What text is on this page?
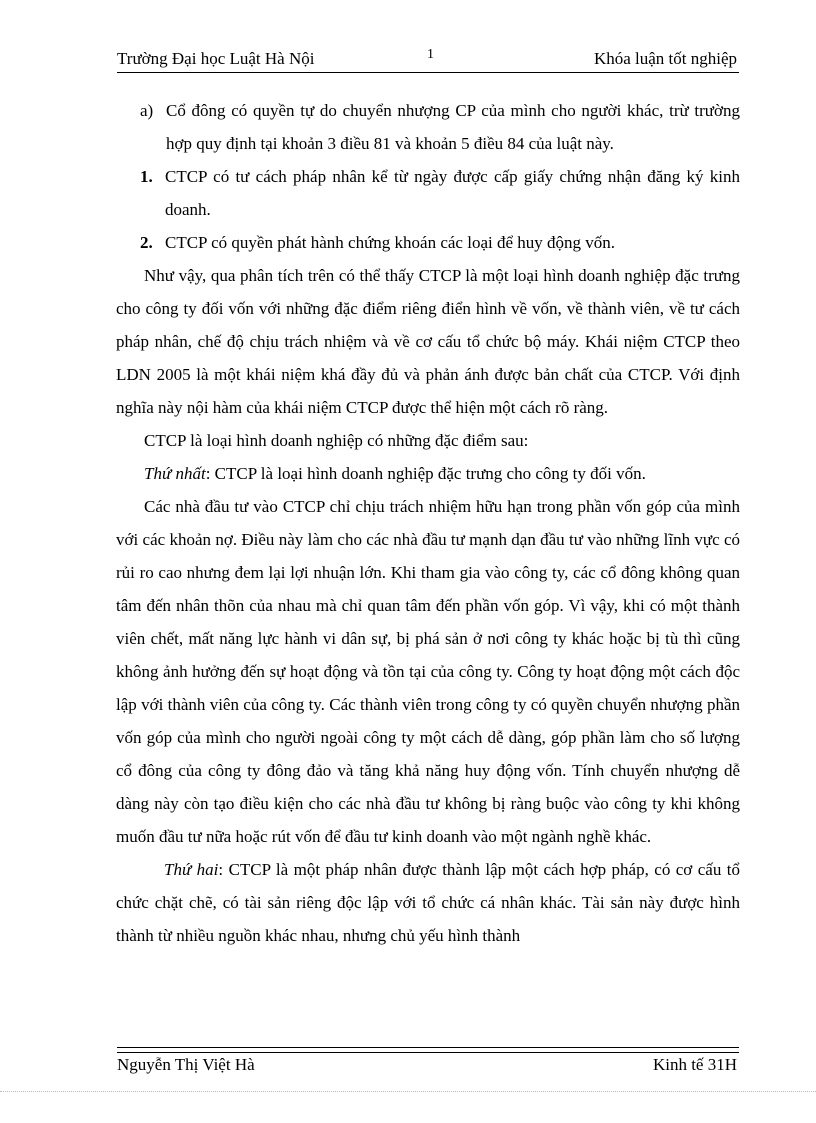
Trường Đại học Luật Hà Nội	1	Khóa luận tốt nghiệp
a) Cổ đông có quyền tự do chuyển nhượng CP của mình cho người khác, trừ trường hợp quy định tại khoản 3 điều 81 và khoản 5 điều 84 của luật này.
1. CTCP có tư cách pháp nhân kể từ ngày được cấp giấy chứng nhận đăng ký kinh doanh.
2. CTCP có quyền phát hành chứng khoán các loại để huy động vốn.

Như vậy, qua phân tích trên có thể thấy CTCP là một loại hình doanh nghiệp đặc trưng cho công ty đối vốn với những đặc điểm riêng điển hình về vốn, về thành viên, về tư cách pháp nhân, chế độ chịu trách nhiệm và về cơ cấu tổ chức bộ máy. Khái niệm CTCP theo LDN 2005 là một khái niệm khá đầy đủ và phản ánh được bản chất của CTCP. Với định nghĩa này nội hàm của khái niệm CTCP được thể hiện một cách rõ ràng.

CTCP là loại hình doanh nghiệp có những đặc điểm sau:

Thứ nhất: CTCP là loại hình doanh nghiệp đặc trưng cho công ty đối vốn.

Các nhà đầu tư vào CTCP chỉ chịu trách nhiệm hữu hạn trong phần vốn góp của mình với các khoản nợ. Điều này làm cho các nhà đầu tư mạnh dạn đầu tư vào những lĩnh vực có rủi ro cao nhưng đem lại lợi nhuận lớn. Khi tham gia vào công ty, các cổ đông không quan tâm đến nhân thõn của nhau mà chỉ quan tâm đến phần vốn góp. Vì vậy, khi có một thành viên chết, mất năng lực hành vi dân sự, bị phá sản ở nơi công ty khác hoặc bị tù thì cũng không ảnh hưởng đến sự hoạt động và tồn tại của công ty. Công ty hoạt động một cách độc lập với thành viên của công ty. Các thành viên trong công ty có quyền chuyển nhượng phần vốn góp của mình cho người ngoài công ty một cách dễ dàng, góp phần làm cho số lượng cổ đông của công ty đông đảo và tăng khả năng huy động vốn. Tính chuyển nhượng dễ dàng này còn tạo điều kiện cho các nhà đầu tư không bị ràng buộc vào công ty khi không muốn đầu tư nữa hoặc rút vốn để đầu tư kinh doanh vào một ngành nghề khác.

Thứ hai: CTCP là một pháp nhân được thành lập một cách hợp pháp, có cơ cấu tổ chức chặt chẽ, có tài sản riêng độc lập với tổ chức cá nhân khác. Tài sản này được hình thành từ nhiều nguồn khác nhau, nhưng chủ yếu hình thành

Nguyễn Thị Việt Hà	Kinh tế 31H
